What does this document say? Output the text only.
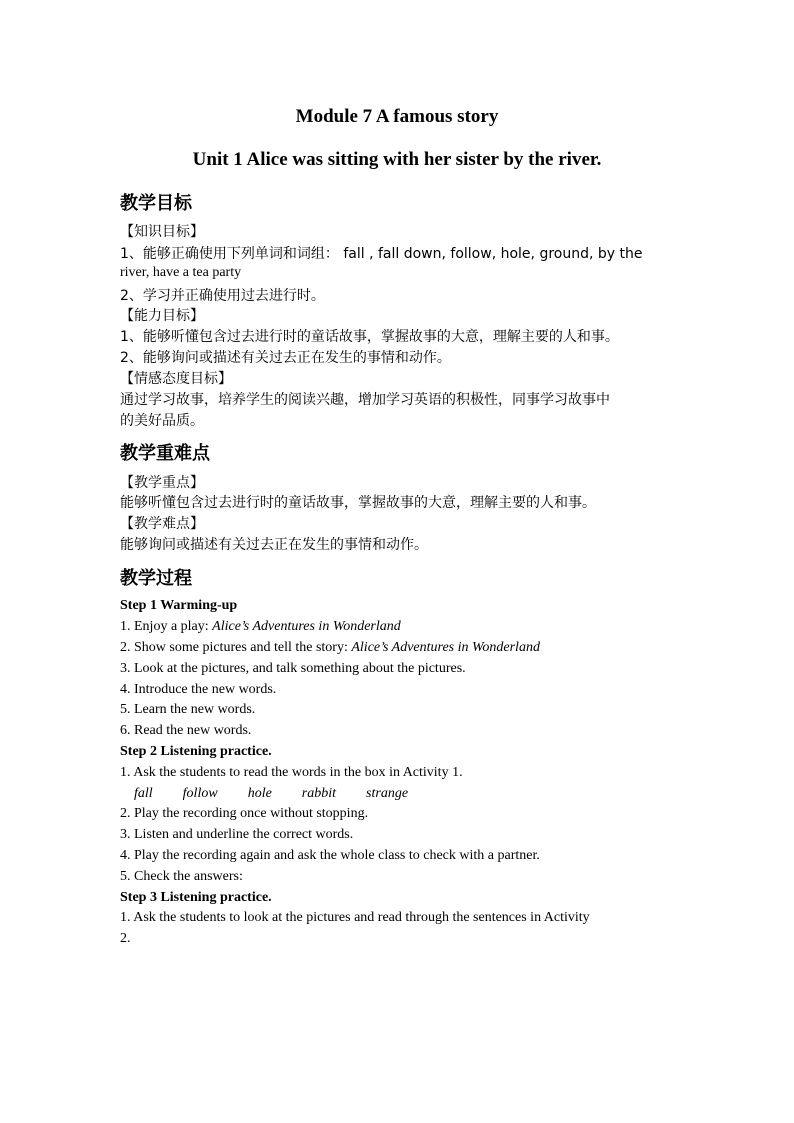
Module 7 A famous story
Unit 1 Alice was sitting with her sister by the river.
教学目标
【知识目标】
1、能够正确使用下列单词和词组： fall , fall down, follow, hole, ground, by the
river, have a tea party
2、学习并正确使用过去进行时。
【能力目标】
1、能够听懂包含过去进行时的童话故事，掌握故事的大意，理解主要的人和事。
2、能够询问或描述有关过去正在发生的事情和动作。
【情感态度目标】
通过学习故事，培养学生的阅读兴趣，增加学习英语的积极性，同事学习故事中
的美好品质。
教学重难点
【教学重点】
能够听懂包含过去进行时的童话故事，掌握故事的大意，理解主要的人和事。
【教学难点】
能够询问或描述有关过去正在发生的事情和动作。
教学过程
Step 1 Warming-up
1. Enjoy a play: Alice’s Adventures in Wonderland
2. Show some pictures and tell the story: Alice’s Adventures in Wonderland
3. Look at the pictures, and talk something about the pictures.
4. Introduce the new words.
5. Learn the new words.
6. Read the new words.
Step 2 Listening practice.
1. Ask the students to read the words in the box in Activity 1.
fall follow hole rabbit strange
2. Play the recording once without stopping.
3. Listen and underline the correct words.
4. Play the recording again and ask the whole class to check with a partner.
5. Check the answers:
Step 3 Listening practice.
1. Ask the students to look at the pictures and read through the sentences in Activity
2.
